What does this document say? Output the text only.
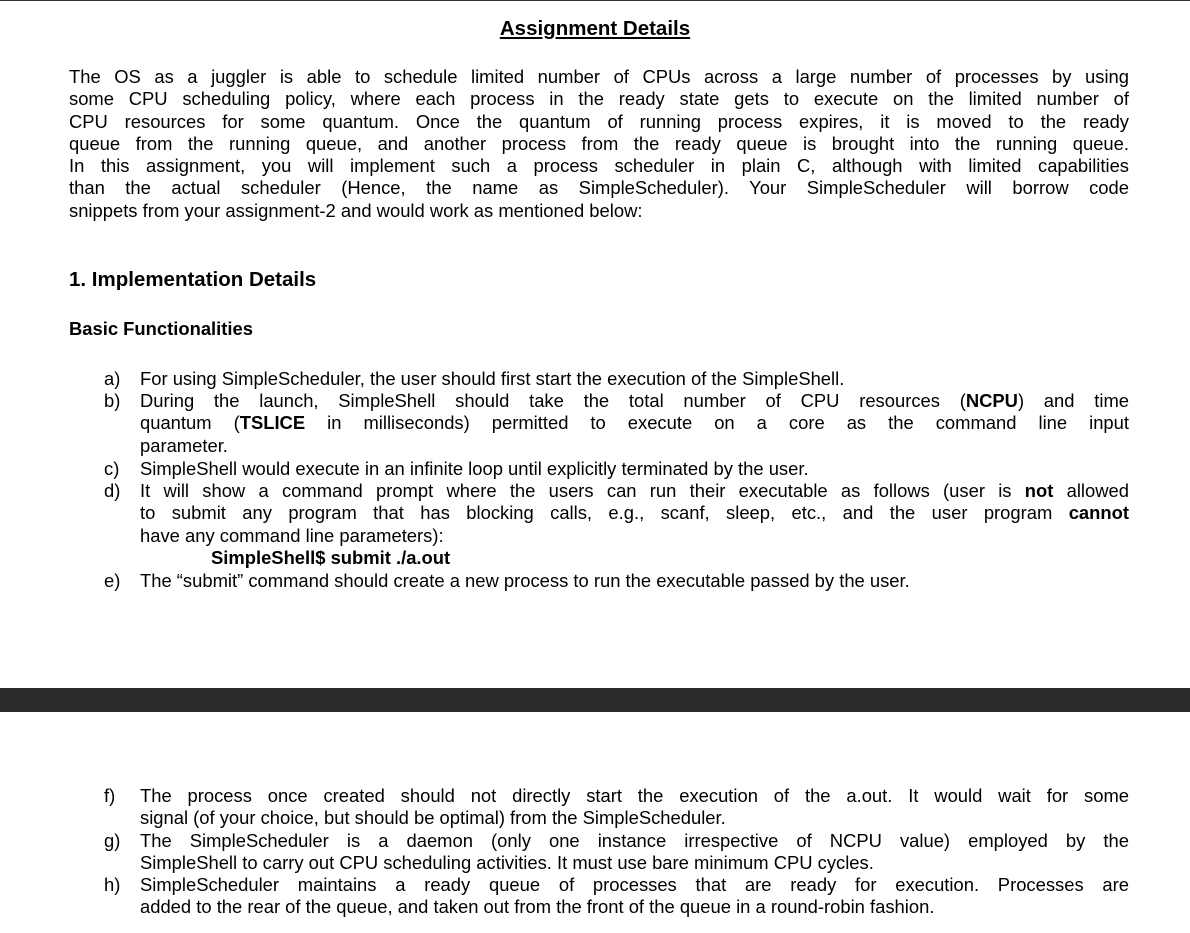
Assignment Details
The OS as a juggler is able to schedule limited number of CPUs across a large number of processes by using
some CPU scheduling policy, where each process in the ready state gets to execute on the limited number of
CPU resources for some quantum. Once the quantum of running process expires, it is moved to the ready
queue from the running queue, and another process from the ready queue is brought into the running queue.
In this assignment, you will implement such a process scheduler in plain C, although with limited capabilities
than the actual scheduler (Hence, the name as SimpleScheduler). Your SimpleScheduler will borrow code
snippets from your assignment-2 and would work as mentioned below:
1. Implementation Details
Basic Functionalities
a) For using SimpleScheduler, the user should first start the execution of the SimpleShell.
b) During the launch, SimpleShell should take the total number of CPU resources (NCPU) and time
quantum (TSLICE in milliseconds) permitted to execute on a core as the command line input
parameter.
c) SimpleShell would execute in an infinite loop until explicitly terminated by the user.
d) It will show a command prompt where the users can run their executable as follows (user is not allowed
to submit any program that has blocking calls, e.g., scanf, sleep, etc., and the user program cannot
have any command line parameters):
SimpleShell$ submit ./a.out
e) The “submit” command should create a new process to run the executable passed by the user.
f) The process once created should not directly start the execution of the a.out. It would wait for some
signal (of your choice, but should be optimal) from the SimpleScheduler.
g) The SimpleScheduler is a daemon (only one instance irrespective of NCPU value) employed by the
SimpleShell to carry out CPU scheduling activities. It must use bare minimum CPU cycles.
h) SimpleScheduler maintains a ready queue of processes that are ready for execution. Processes are
added to the rear of the queue, and taken out from the front of the queue in a round-robin fashion.
